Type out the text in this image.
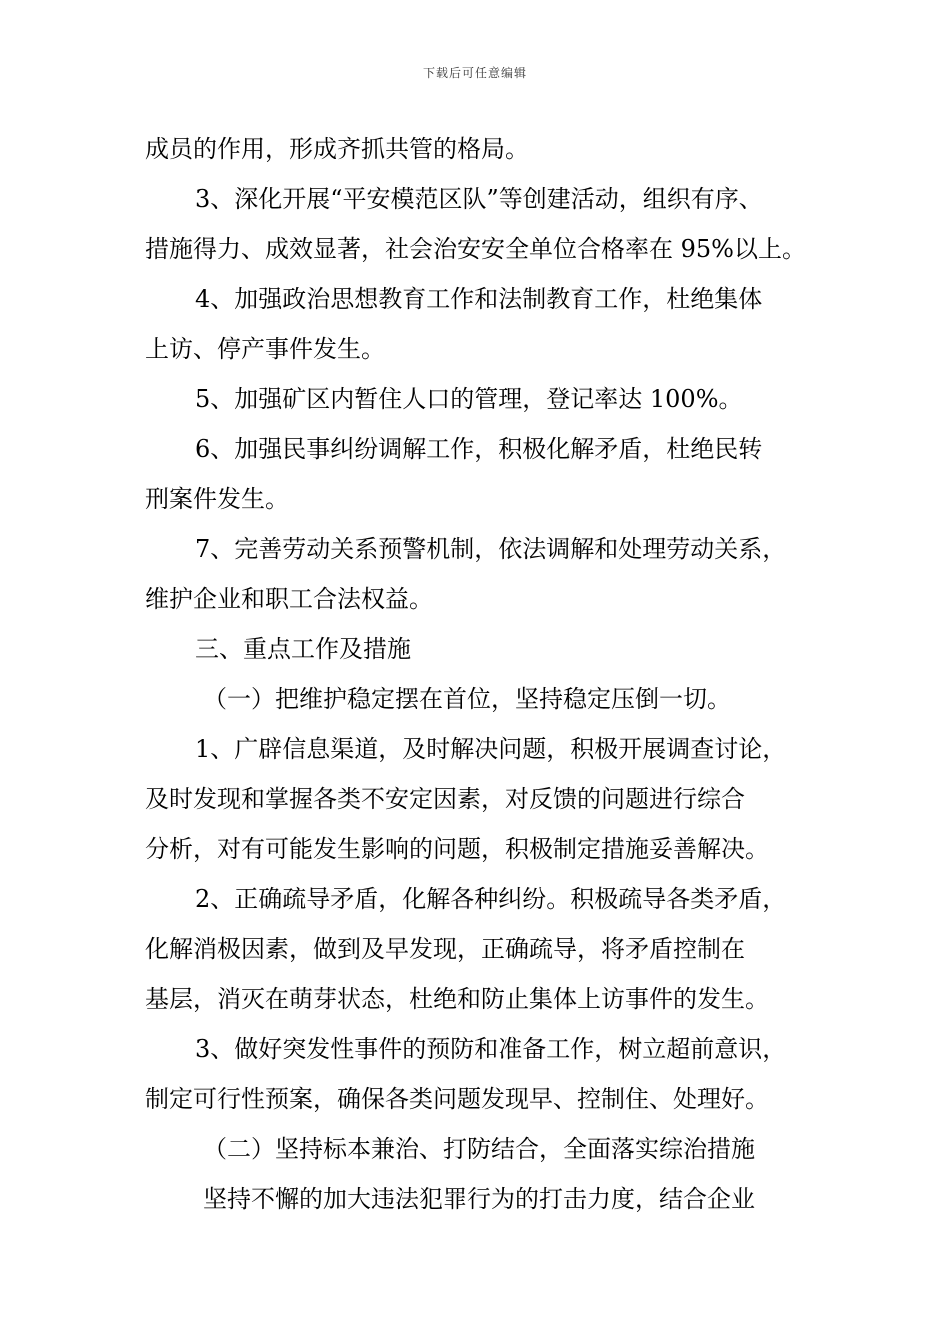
下载后可任意编辑
成员的作用，形成齐抓共管的格局。
3、深化开展“平安模范区队”等创建活动，组织有序、
措施得力、成效显著，社会治安安全单位合格率在 95%以上。
4、加强政治思想教育工作和法制教育工作，杜绝集体
上访、停产事件发生。
5、加强矿区内暂住人口的管理，登记率达 100%。
6、加强民事纠纷调解工作，积极化解矛盾，杜绝民转
刑案件发生。
7、完善劳动关系预警机制，依法调解和处理劳动关系，
维护企业和职工合法权益。
三、重点工作及措施
（一）把维护稳定摆在首位，坚持稳定压倒一切。
1、广辟信息渠道，及时解决问题，积极开展调查讨论，
及时发现和掌握各类不安定因素，对反馈的问题进行综合
分析，对有可能发生影响的问题，积极制定措施妥善解决。
2、正确疏导矛盾，化解各种纠纷。积极疏导各类矛盾，
化解消极因素，做到及早发现，正确疏导，将矛盾控制在
基层，消灭在萌芽状态，杜绝和防止集体上访事件的发生。
3、做好突发性事件的预防和准备工作，树立超前意识，
制定可行性预案，确保各类问题发现早、控制住、处理好。
（二）坚持标本兼治、打防结合，全面落实综治措施
坚持不懈的加大违法犯罪行为的打击力度，结合企业
